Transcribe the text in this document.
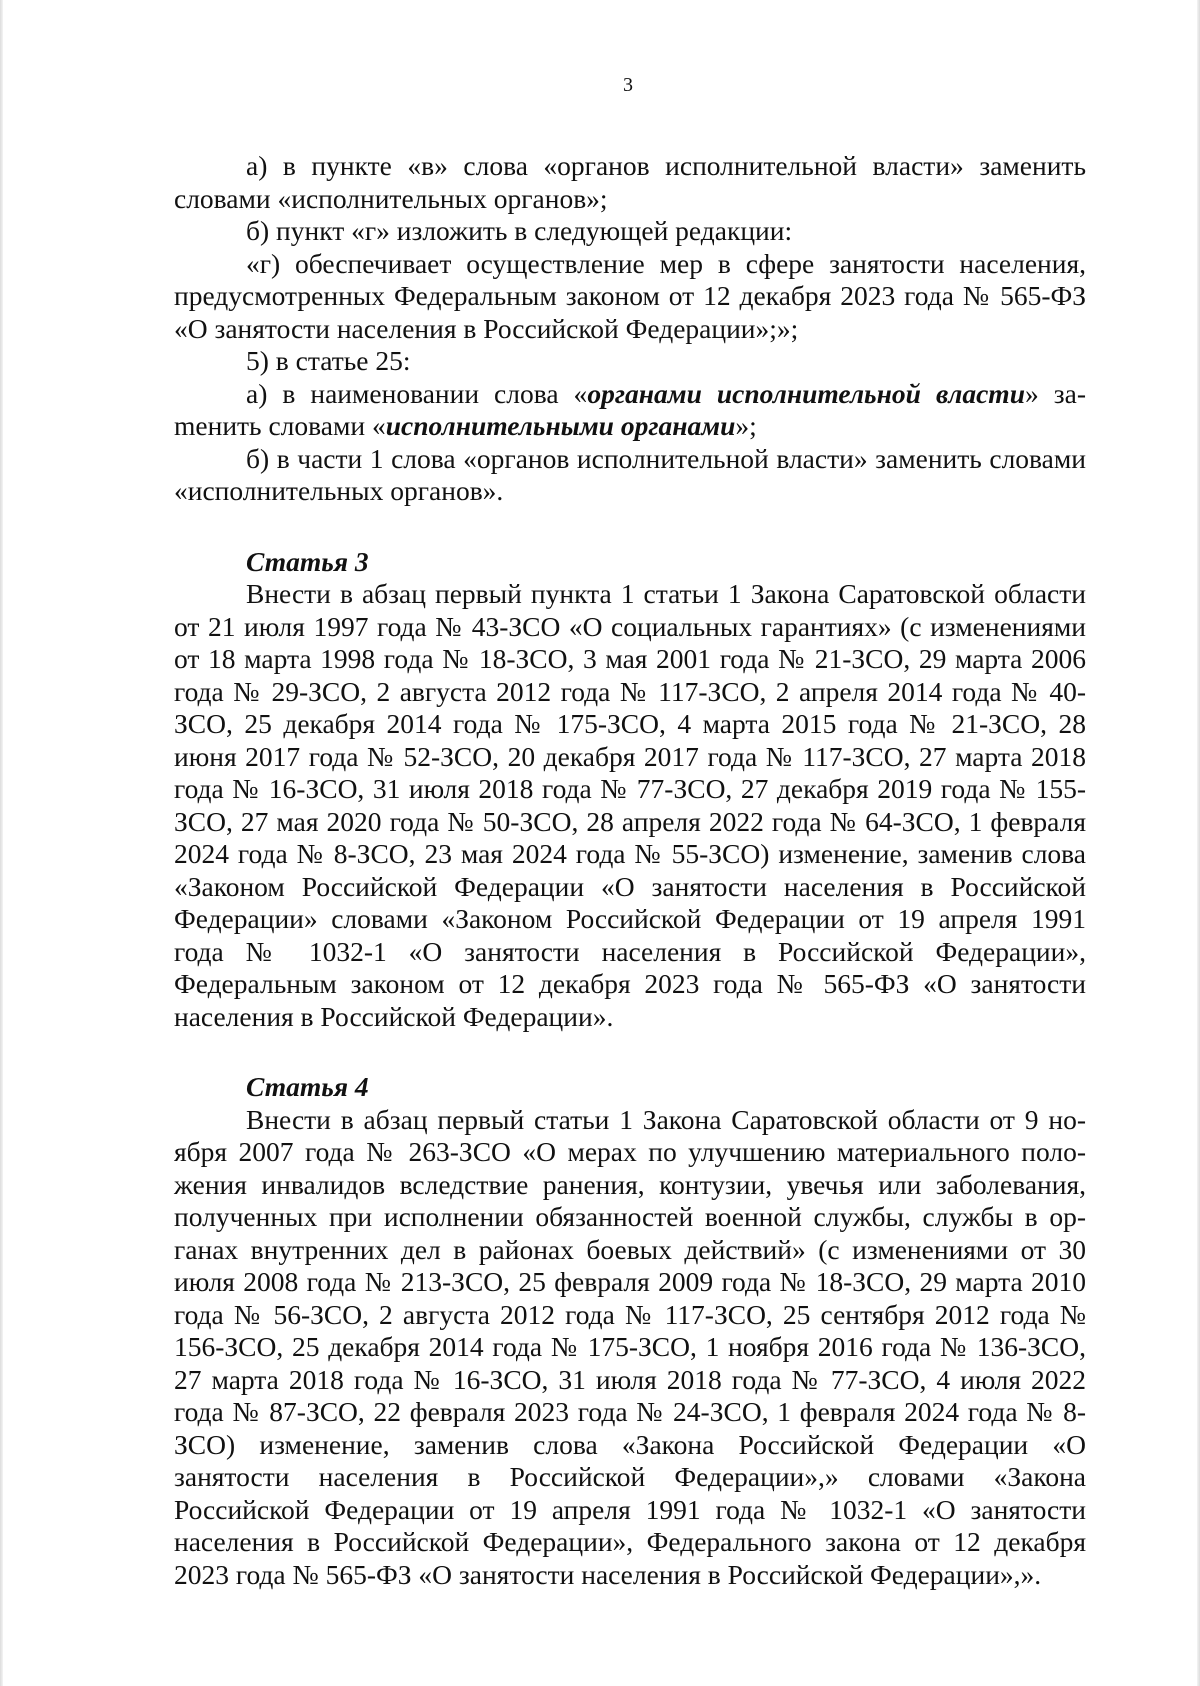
3

а) в пункте «в» слова «органов исполнительной власти» заменить словами «исполнительных органов»;

б) пункт «г» изложить в следующей редакции:

«г) обеспечивает осуществление мер в сфере занятости населения, предусмотренных Федеральным законом от 12 декабря 2023 года № 565-ФЗ «О занятости населения в Российской Федерации»;»;

5) в статье 25:

а) в наименовании слова «органами исполнительной власти» заmенить словами «исполнительными органами»;

б) в части 1 слова «органов исполнительной власти» заменить словами «исполнительных органов».

Статья 3

Внести в абзац первый пункта 1 статьи 1 Закона Саратовской области от 21 июля 1997 года № 43-ЗСО «О социальных гарантиях» (с изменениями от 18 марта 1998 года № 18-ЗСО, 3 мая 2001 года № 21-ЗСО, 29 марта 2006 года № 29-ЗСО, 2 августа 2012 года № 117-ЗСО, 2 апреля 2014 года № 40-ЗСО, 25 декабря 2014 года № 175-ЗСО, 4 марта 2015 года № 21-ЗСО, 28 июня 2017 года № 52-ЗСО, 20 декабря 2017 года № 117-ЗСО, 27 марта 2018 года № 16-ЗСО, 31 июля 2018 года № 77-ЗСО, 27 декабря 2019 года № 155-ЗСО, 27 мая 2020 года № 50-ЗСО, 28 апреля 2022 года № 64-ЗСО, 1 февраля 2024 года № 8-ЗСО, 23 мая 2024 года № 55-ЗСО) изменение, заменив слова «Законом Российской Федерации «О занятости населения в Российской Федерации» словами «Законом Российской Федерации от 19 апреля 1991 года № 1032-1 «О занятости населения в Российской Федерации», Федеральным законом от 12 декабря 2023 года № 565-ФЗ «О занятости населения в Российской Федерации».

Статья 4

Внести в абзац первый статьи 1 Закона Саратовской области от 9 ноября 2007 года № 263-ЗСО «О мерах по улучшению материального положения инвалидов вследствие ранения, контузии, увечья или заболевания, полученных при исполнении обязанностей военной службы, службы в органах внутренних дел в районах боевых действий» (с изменениями от 30 июля 2008 года № 213-ЗСО, 25 февраля 2009 года № 18-ЗСО, 29 марта 2010 года № 56-ЗСО, 2 августа 2012 года № 117-ЗСО, 25 сентября 2012 года № 156-ЗСО, 25 декабря 2014 года № 175-ЗСО, 1 ноября 2016 года № 136-ЗСО, 27 марта 2018 года № 16-ЗСО, 31 июля 2018 года № 77-ЗСО, 4 июля 2022 года № 87-ЗСО, 22 февраля 2023 года № 24-ЗСО, 1 февраля 2024 года № 8-ЗСО) изменение, заменив слова «Закона Российской Федерации «О занятости населения в Российской Федерации»,» словами «Закона Российской Федерации от 19 апреля 1991 года № 1032-1 «О занятости населения в Российской Федерации», Федерального закона от 12 декабря 2023 года № 565-ФЗ «О занятости населения в Российской Федерации»,».
